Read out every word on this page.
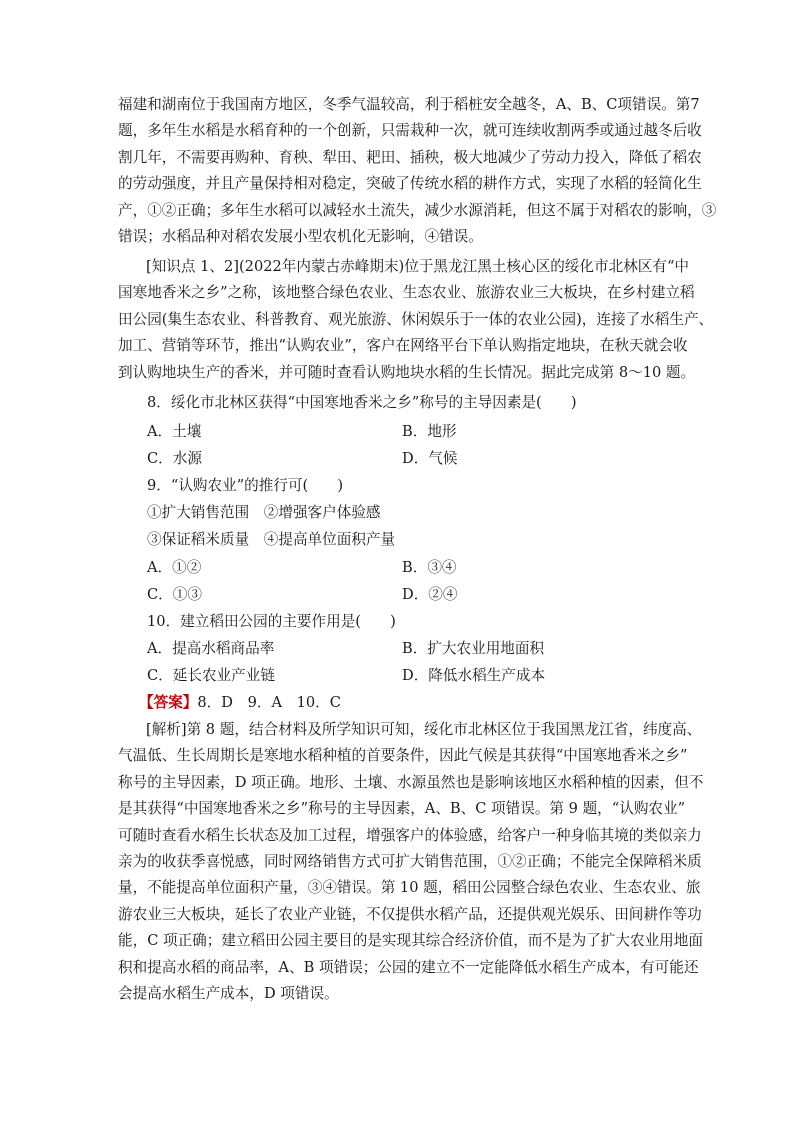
福建和湖南位于我国南方地区，冬季气温较高，利于稻桩安全越冬，A、B、C项错误。第7
题，多年生水稻是水稻育种的一个创新，只需栽种一次，就可连续收割两季或通过越冬后收
割几年，不需要再购种、育秧、犁田、耙田、插秧，极大地减少了劳动力投入，降低了稻农
的劳动强度，并且产量保持相对稳定，突破了传统水稻的耕作方式，实现了水稻的轻简化生
产，①②正确；多年生水稻可以减轻水土流失，减少水源消耗，但这不属于对稻农的影响，③
错误；水稻品种对稻农发展小型农机化无影响，④错误。
[知识点 1、2](2022年内蒙古赤峰期末)位于黑龙江黑土核心区的绥化市北林区有“中
国寒地香米之乡”之称，该地整合绿色农业、生态农业、旅游农业三大板块，在乡村建立稻
田公园(集生态农业、科普教育、观光旅游、休闲娱乐于一体的农业公园)，连接了水稻生产、
加工、营销等环节，推出“认购农业”，客户在网络平台下单认购指定地块，在秋天就会收
到认购地块生产的香米，并可随时查看认购地块水稻的生长情况。据此完成第 8～10 题。
8．绥化市北林区获得“中国寒地香米之乡”称号的主导因素是(　　)
A．土壤	B．地形
C．水源	D．气候
9．“认购农业”的推行可(　　)
①扩大销售范围　②增强客户体验感
③保证稻米质量　④提高单位面积产量
A．①②	B．③④
C．①③	D．②④
10．建立稻田公园的主要作用是(　　)
A．提高水稻商品率	B．扩大农业用地面积
C．延长农业产业链	D．降低水稻生产成本
【答案】8．D　9．A　10．C
[解析]第 8 题，结合材料及所学知识可知，绥化市北林区位于我国黑龙江省，纬度高、
气温低、生长周期长是寒地水稻种植的首要条件，因此气候是其获得“中国寒地香米之乡”
称号的主导因素，D 项正确。地形、土壤、水源虽然也是影响该地区水稻种植的因素，但不
是其获得“中国寒地香米之乡”称号的主导因素，A、B、C 项错误。第 9 题，“认购农业”
可随时查看水稻生长状态及加工过程，增强客户的体验感，给客户一种身临其境的类似亲力
亲为的收获季喜悦感，同时网络销售方式可扩大销售范围，①②正确；不能完全保障稻米质
量，不能提高单位面积产量，③④错误。第 10 题，稻田公园整合绿色农业、生态农业、旅
游农业三大板块，延长了农业产业链，不仅提供水稻产品，还提供观光娱乐、田间耕作等功
能，C 项正确；建立稻田公园主要目的是实现其综合经济价值，而不是为了扩大农业用地面
积和提高水稻的商品率，A、B 项错误；公园的建立不一定能降低水稻生产成本，有可能还
会提高水稻生产成本，D 项错误。
